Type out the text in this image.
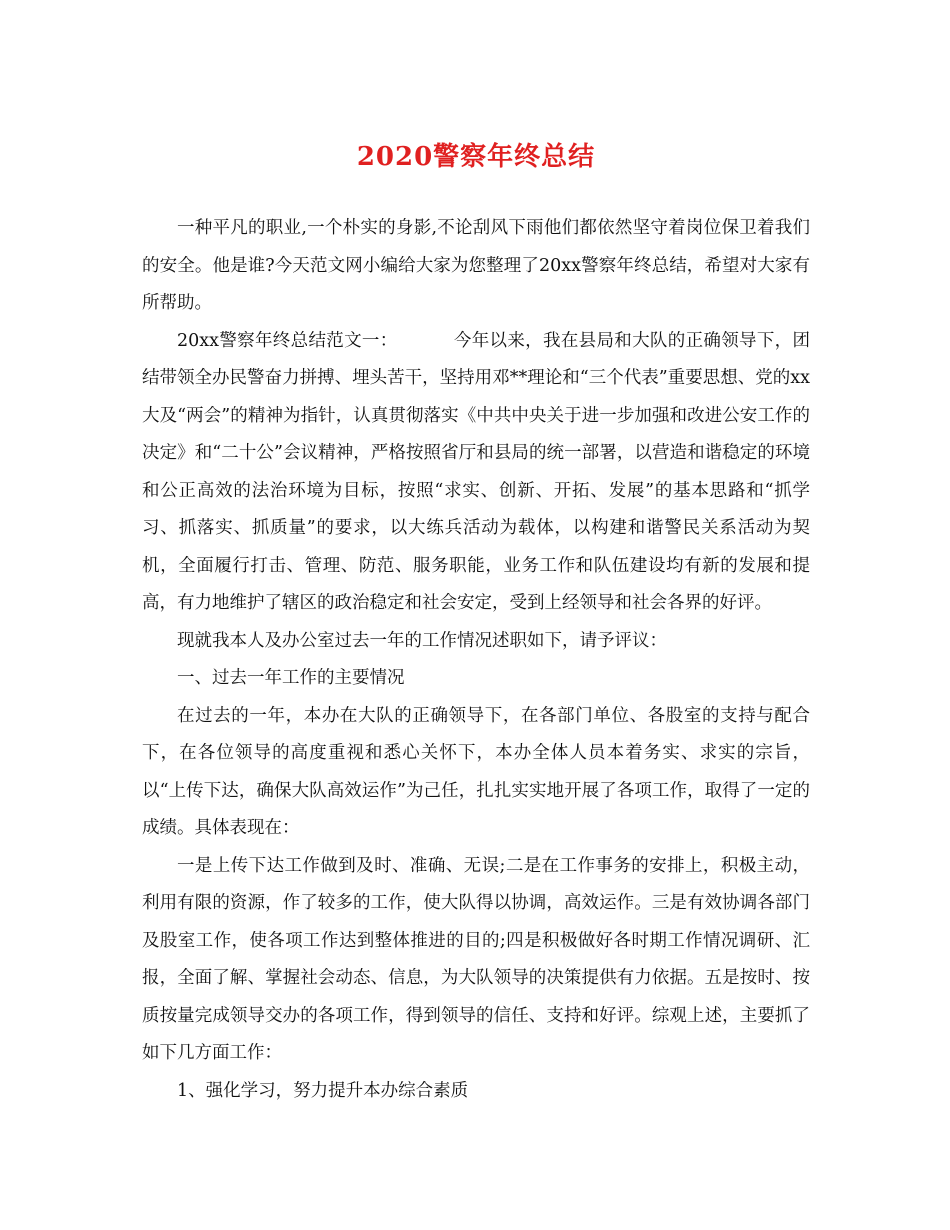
2020警察年终总结

一种平凡的职业,一个朴实的身影,不论刮风下雨他们都依然坚守着岗位保卫着我们的安全。他是谁?今天范文网小编给大家为您整理了20xx警察年终总结，希望对大家有所帮助。

20xx警察年终总结范文一：	今年以来，我在县局和大队的正确领导下，团结带领全办民警奋力拼搏、埋头苦干，坚持用邓**理论和“三个代表”重要思想、党的xx大及“两会”的精神为指针，认真贯彻落实《中共中央关于进一步加强和改进公安工作的决定》和“二十公”会议精神，严格按照省厅和县局的统一部署，以营造和谐稳定的环境和公正高效的法治环境为目标，按照“求实、创新、开拓、发展”的基本思路和“抓学习、抓落实、抓质量”的要求，以大练兵活动为载体，以构建和谐警民关系活动为契机，全面履行打击、管理、防范、服务职能，业务工作和队伍建设均有新的发展和提高，有力地维护了辖区的政治稳定和社会安定，受到上经领导和社会各界的好评。

现就我本人及办公室过去一年的工作情况述职如下，请予评议：

一、过去一年工作的主要情况

在过去的一年，本办在大队的正确领导下，在各部门单位、各股室的支持与配合下，在各位领导的高度重视和悉心关怀下，本办全体人员本着务实、求实的宗旨，以“上传下达，确保大队高效运作”为己任，扎扎实实地开展了各项工作，取得了一定的成绩。具体表现在：

一是上传下达工作做到及时、准确、无误;二是在工作事务的安排上，积极主动，利用有限的资源，作了较多的工作，使大队得以协调，高效运作。三是有效协调各部门及股室工作，使各项工作达到整体推进的目的;四是积极做好各时期工作情况调研、汇报，全面了解、掌握社会动态、信息，为大队领导的决策提供有力依据。五是按时、按质按量完成领导交办的各项工作，得到领导的信任、支持和好评。综观上述，主要抓了如下几方面工作：

1、强化学习，努力提升本办综合素质
